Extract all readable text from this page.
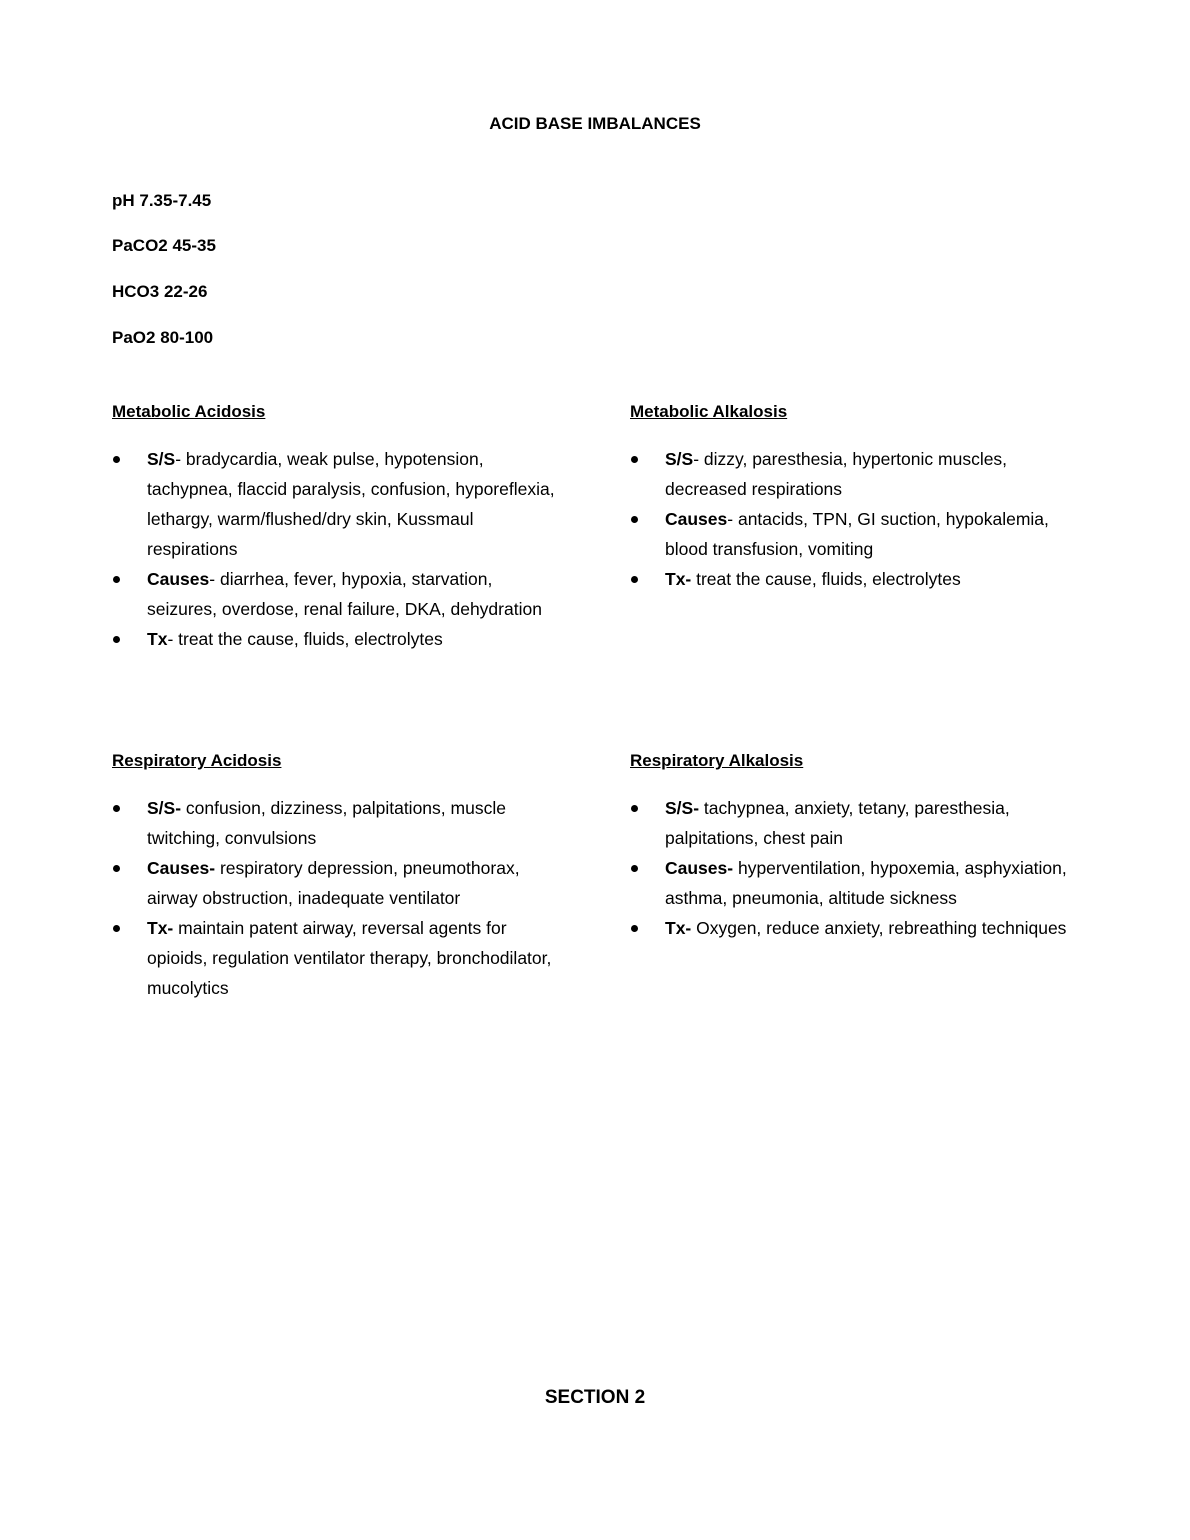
ACID BASE IMBALANCES
pH 7.35-7.45
PaCO2 45-35
HCO3 22-26
PaO2 80-100
Metabolic Acidosis
S/S- bradycardia, weak pulse, hypotension, tachypnea, flaccid paralysis, confusion, hyporeflexia, lethargy, warm/flushed/dry skin, Kussmaul respirations
Causes- diarrhea, fever, hypoxia, starvation, seizures, overdose, renal failure, DKA, dehydration
Tx- treat the cause, fluids, electrolytes
Metabolic Alkalosis
S/S- dizzy, paresthesia, hypertonic muscles, decreased respirations
Causes- antacids, TPN, GI suction, hypokalemia, blood transfusion, vomiting
Tx- treat the cause, fluids, electrolytes
Respiratory Acidosis
S/S- confusion, dizziness, palpitations, muscle twitching, convulsions
Causes- respiratory depression, pneumothorax, airway obstruction, inadequate ventilator
Tx- maintain patent airway, reversal agents for opioids, regulation ventilator therapy, bronchodilator, mucolytics
Respiratory Alkalosis
S/S- tachypnea, anxiety, tetany, paresthesia, palpitations, chest pain
Causes- hyperventilation, hypoxemia, asphyxiation, asthma, pneumonia, altitude sickness
Tx- Oxygen, reduce anxiety, rebreathing techniques
SECTION 2
